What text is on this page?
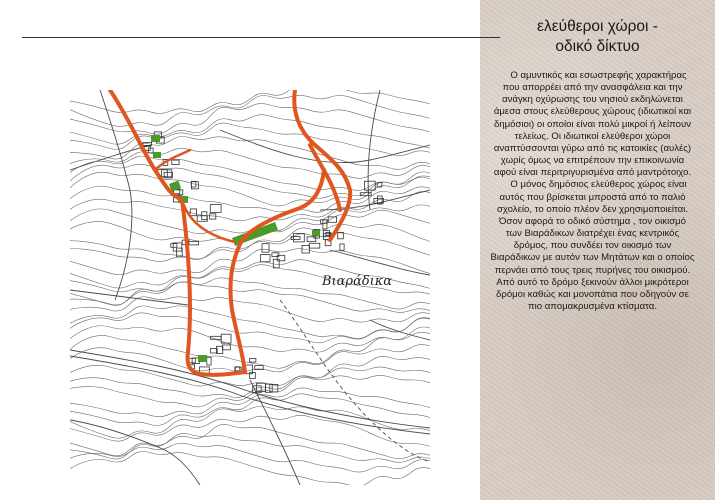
ελεύθεροι χώροι -
οδικό δίκτυο
Βιαράδικα

Ο αμυντικός και εσωστρεφής χαρακτήρας που απορρέει από την ανασφάλεια και την ανάγκη οχύρωσης του νησιού εκδηλώνεται άμεσα στους ελεύθερους χώρους (ιδιωτικοί και δημόσιοι) οι οποίοι είναι πολύ μικροί ή λείπουν τελείως. Οι ιδιωτικοί ελεύθεροι χώροι αναπτύσσονται γύρω από τις κατοικίες (αυλές) χωρίς όμως να επιτρέπουν την επικοινωνία αφού είναι περιτριγυρισμένα από μαντρότοιχο.

Ο μόνος δημόσιος ελεύθερος χώρος είναι αυτός που βρίσκεται μπροστά από το παλιό σχολείο, το οποίο πλέον δεν χρησιμοποιείται. Όσον αφορά το οδικό σύστημα , τον οικισμό των Βιαράδικων διατρέχει ένας κεντρικός δρόμος, που συνδέει τον οικισμό των Βιαράδικων με αυτόν των Μητάτων και ο οποίος περνάει από τους τρεις πυρήνες του οικισμού. Από αυτό το δρόμο ξεκινούν άλλοι μικρότεροι δρόμοι καθώς και μονοπάτια που οδηγούν σε πιο απομακρυσμένα κτίσματα.
